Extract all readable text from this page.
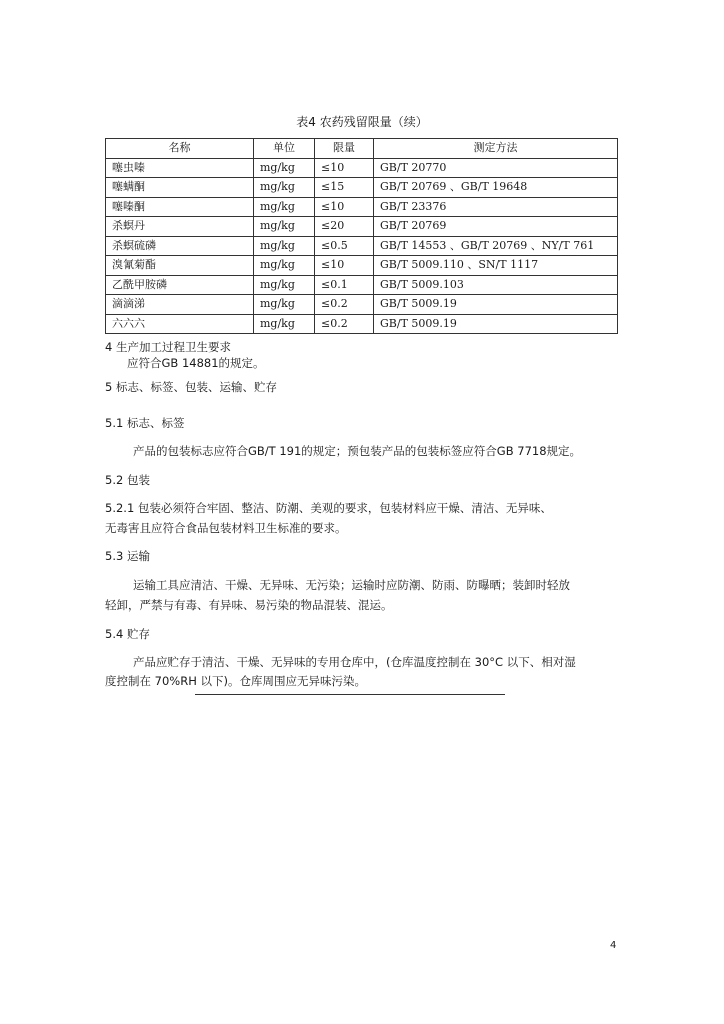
表4 农药残留限量（续）
名称	单位	限量	测定方法
噻虫嗪	mg/kg	≤10	GB/T 20770
噻螨酮	mg/kg	≤15	GB/T 20769 、GB/T 19648
噻嗪酮	mg/kg	≤10	GB/T 23376
杀螟丹	mg/kg	≤20	GB/T 20769
杀螟硫磷	mg/kg	≤0.5	GB/T 14553 、GB/T 20769 、NY/T 761
溴氰菊酯	mg/kg	≤10	GB/T 5009.110 、SN/T 1117
乙酰甲胺磷	mg/kg	≤0.1	GB/T 5009.103
滴滴涕	mg/kg	≤0.2	GB/T 5009.19
六六六	mg/kg	≤0.2	GB/T 5009.19
4 生产加工过程卫生要求
应符合GB 14881的规定。
5 标志、标签、包装、运输、贮存
5.1 标志、标签
产品的包装标志应符合GB/T 191的规定；预包装产品的包装标签应符合GB 7718规定。
5.2 包装
5.2.1 包装必须符合牢固、整洁、防潮、美观的要求，包装材料应干燥、清洁、无异味、
无毒害且应符合食品包装材料卫生标准的要求。
5.3 运输
运输工具应清洁、干燥、无异味、无污染；运输时应防潮、防雨、防曝晒；装卸时轻放
轻卸，严禁与有毒、有异味、易污染的物品混装、混运。
5.4 贮存
产品应贮存于清洁、干燥、无异味的专用仓库中，(仓库温度控制在 30°C 以下、相对湿
度控制在 70%RH 以下)。仓库周围应无异味污染。
4
